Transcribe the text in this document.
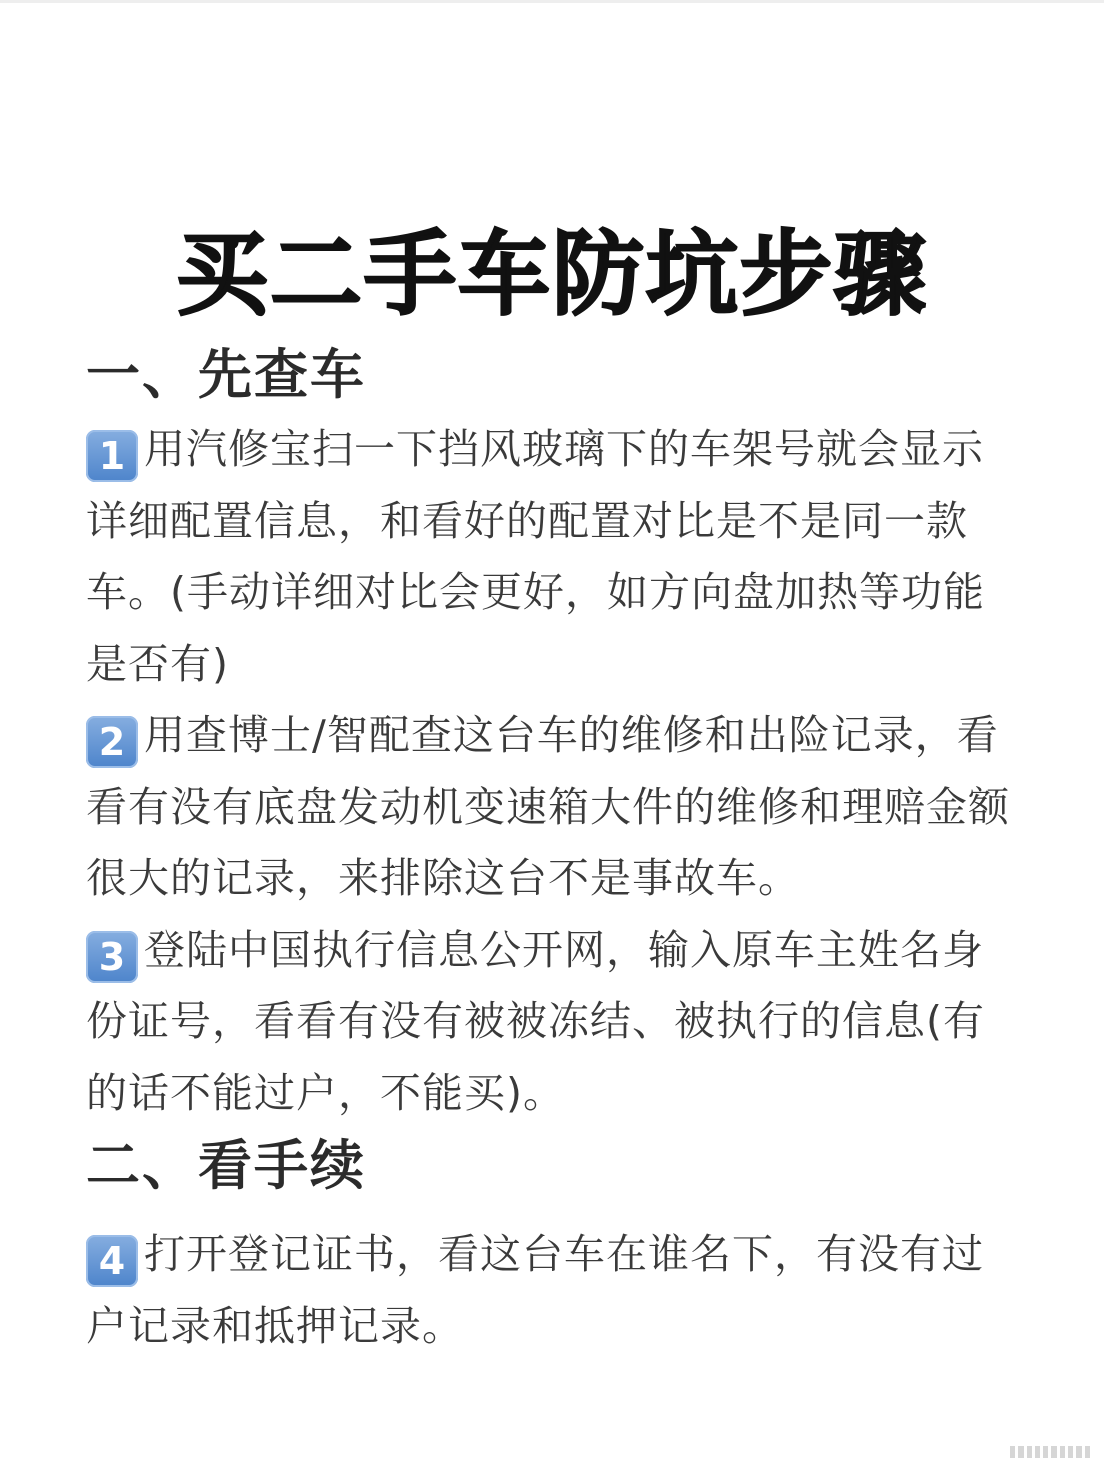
买二手车防坑步骤
一、先查车

1 用汽修宝扫一下挡风玻璃下的车架号就会显示详细配置信息，和看好的配置对比是不是同一款车。(手动详细对比会更好，如方向盘加热等功能是否有)

2 用查博士/智配查这台车的维修和出险记录，看看有没有底盘发动机变速箱大件的维修和理赔金额很大的记录，来排除这台不是事故车。

3 登陆中国执行信息公开网，输入原车主姓名身份证号，看看有没有被被冻结、被执行的信息(有的话不能过户，不能买)。

二、看手续

4 打开登记证书，看这台车在谁名下，有没有过户记录和抵押记录。
